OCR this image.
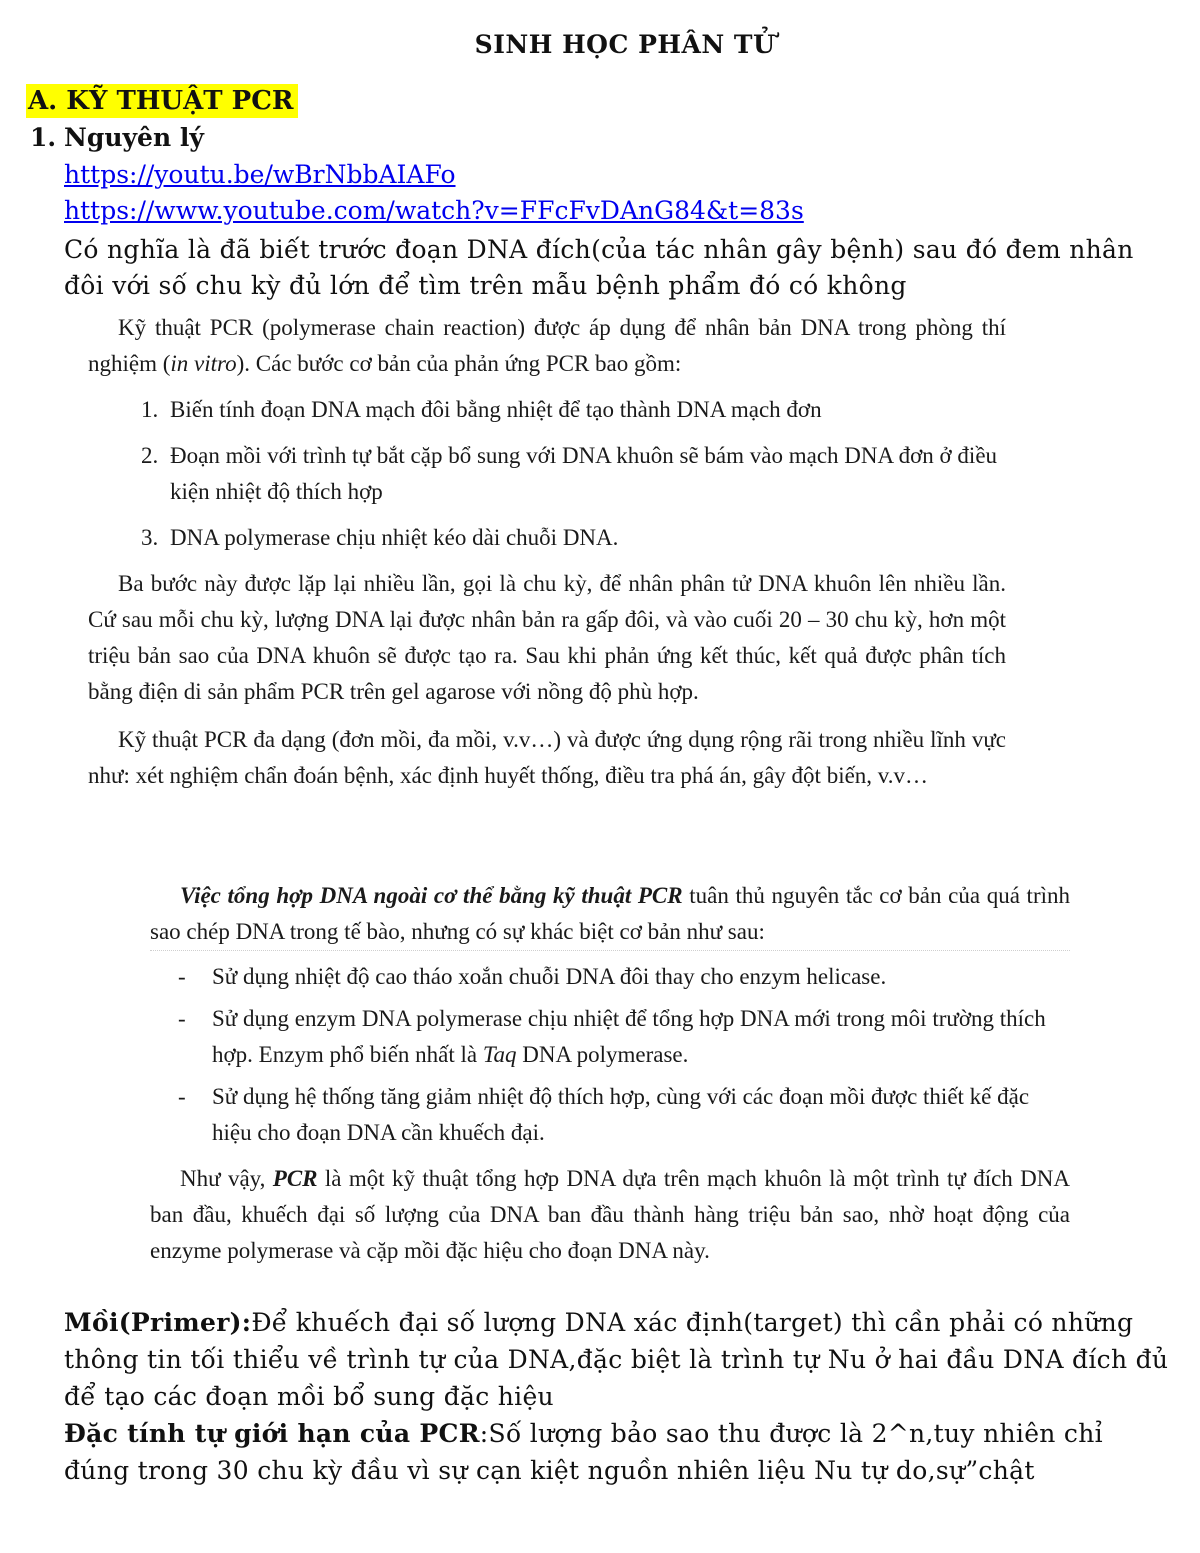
SINH HỌC PHÂN TỬ
A. KỸ THUẬT PCR
1. Nguyên lý
https://youtu.be/wBrNbbAIAFo
https://www.youtube.com/watch?v=FFcFvDAnG84&t=83s
Có nghĩa là đã biết trước đoạn DNA đích(của tác nhân gây bệnh) sau đó đem nhân đôi với số chu kỳ đủ lớn để tìm trên mẫu bệnh phẩm đó có không

Kỹ thuật PCR (polymerase chain reaction) được áp dụng để nhân bản DNA trong phòng thí nghiệm (in vitro). Các bước cơ bản của phản ứng PCR bao gồm:

1. Biến tính đoạn DNA mạch đôi bằng nhiệt để tạo thành DNA mạch đơn
2. Đoạn mồi với trình tự bắt cặp bổ sung với DNA khuôn sẽ bám vào mạch DNA đơn ở điều kiện nhiệt độ thích hợp
3. DNA polymerase chịu nhiệt kéo dài chuỗi DNA.

Ba bước này được lặp lại nhiều lần, gọi là chu kỳ, để nhân phân tử DNA khuôn lên nhiều lần. Cứ sau mỗi chu kỳ, lượng DNA lại được nhân bản ra gấp đôi, và vào cuối 20 – 30 chu kỳ, hơn một triệu bản sao của DNA khuôn sẽ được tạo ra. Sau khi phản ứng kết thúc, kết quả được phân tích bằng điện di sản phẩm PCR trên gel agarose với nồng độ phù hợp.

Kỹ thuật PCR đa dạng (đơn mồi, đa mồi, v.v…) và được ứng dụng rộng rãi trong nhiều lĩnh vực như: xét nghiệm chẩn đoán bệnh, xác định huyết thống, điều tra phá án, gây đột biến, v.v…

Việc tổng hợp DNA ngoài cơ thể bằng kỹ thuật PCR tuân thủ nguyên tắc cơ bản của quá trình sao chép DNA trong tế bào, nhưng có sự khác biệt cơ bản như sau:

- Sử dụng nhiệt độ cao tháo xoắn chuỗi DNA đôi thay cho enzym helicase.
- Sử dụng enzym DNA polymerase chịu nhiệt để tổng hợp DNA mới trong môi trường thích hợp. Enzym phổ biến nhất là Taq DNA polymerase.
- Sử dụng hệ thống tăng giảm nhiệt độ thích hợp, cùng với các đoạn mồi được thiết kế đặc hiệu cho đoạn DNA cần khuếch đại.

Như vậy, PCR là một kỹ thuật tổng hợp DNA dựa trên mạch khuôn là một trình tự đích DNA ban đầu, khuếch đại số lượng của DNA ban đầu thành hàng triệu bản sao, nhờ hoạt động của enzyme polymerase và cặp mồi đặc hiệu cho đoạn DNA này.

Mồi(Primer):Để khuếch đại số lượng DNA xác định(target) thì cần phải có những thông tin tối thiểu về trình tự của DNA,đặc biệt là trình tự Nu ở hai đầu DNA đích đủ để tạo các đoạn mồi bổ sung đặc hiệu

Đặc tính tự giới hạn của PCR:Số lượng bảo sao thu được là 2^n,tuy nhiên chỉ đúng trong 30 chu kỳ đầu vì sự cạn kiệt nguồn nhiên liệu Nu tự do,sự”chật
